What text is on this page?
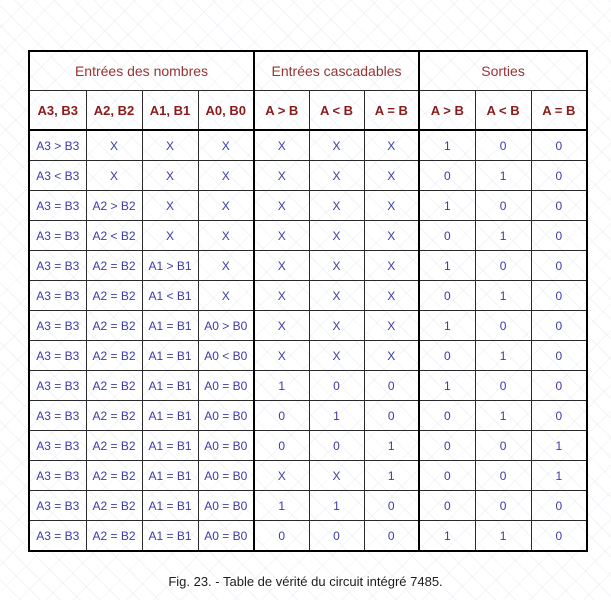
Entrées des nombres				Entrées cascadables			Sorties		
A3, B3	A2, B2	A1, B1	A0, B0	A > B	A < B	A = B	A > B	A < B	A = B
A3 > B3	X	X	X	X	X	X	1	0	0
A3 < B3	X	X	X	X	X	X	0	1	0
A3 = B3	A2 > B2	X	X	X	X	X	1	0	0
A3 = B3	A2 < B2	X	X	X	X	X	0	1	0
A3 = B3	A2 = B2	A1 > B1	X	X	X	X	1	0	0
A3 = B3	A2 = B2	A1 < B1	X	X	X	X	0	1	0
A3 = B3	A2 = B2	A1 = B1	A0 > B0	X	X	X	1	0	0
A3 = B3	A2 = B2	A1 = B1	A0 < B0	X	X	X	0	1	0
A3 = B3	A2 = B2	A1 = B1	A0 = B0	1	0	0	1	0	0
A3 = B3	A2 = B2	A1 = B1	A0 = B0	0	1	0	0	1	0
A3 = B3	A2 = B2	A1 = B1	A0 = B0	0	0	1	0	0	1
A3 = B3	A2 = B2	A1 = B1	A0 = B0	X	X	1	0	0	1
A3 = B3	A2 = B2	A1 = B1	A0 = B0	1	1	0	0	0	0
A3 = B3	A2 = B2	A1 = B1	A0 = B0	0	0	0	1	1	0
Fig. 23. - Table de vérité du circuit intégré 7485.
